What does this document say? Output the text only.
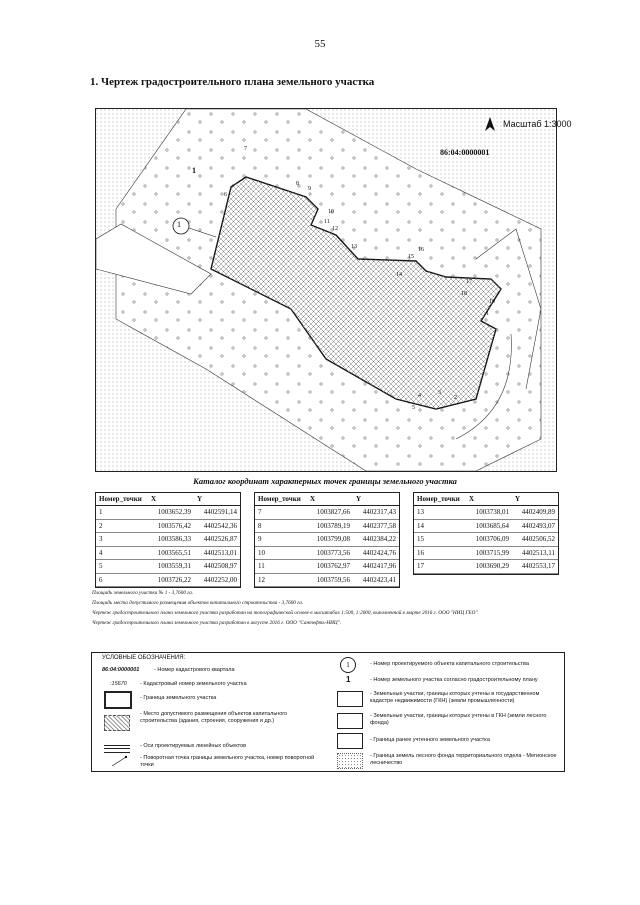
55
1. Чертеж градостроительного плана земельного участка
1
1
1
2
3
4
5
6
7
8
9
10
11
12
13
14
15
16
17
18
19
Масштаб 1:3000
86:04:0000001
Каталог координат характерных точек границы земельного участка
Номер_точки	X	Y
1	1003652,39	4402591,14
2	1003576,42	4402542,36
3	1003586,33	4402526,87
4	1003565,51	4402513,01
5	1003559,31	4402508,97
6	1003726,22	4402252,00
Номер_точки	X	Y
7	1003827,66	4402317,43
8	1003789,19	4402377,58
9	1003799,08	4402384,22
10	1003773,56	4402424,76
11	1003762,97	4402417,96
12	1003759,56	4402423,41
Номер_точки	X	Y
13	1003738,01	4402409,89
14	1003685,64	4402493,07
15	1003706,09	4402506,52
16	1003715,99	4402513,11
17	1003690,29	4402553,17
Площадь земельного участка № 1 - 3,7600 га.
Площадь места допустимого размещения объектов капитального строительства - 3,7600 га.
Чертеж градостроительного плана земельного участка разработан на топографической основе в масштабах 1:500, 1:2000, выполненной в марте 2016 г. ООО "НИЦ ГЕО".
Чертеж градостроительного плана земельного участка разработан в августе 2016 г. ООО "Сантефть-НИЦ".
УСЛОВНЫЕ ОБОЗНАЧЕНИЯ:
86:04:0000001	- Номер кадастрового квартала
:15670 - Кадастровый номер земельного участка
- Граница земельного участка
- Место допустимого размещения объектов капитального строительства (здания, строения, сооружения и др.)
- Оси проектируемых линейных объектов
- Поворотная точка границы земельного участка, номер поворотной точки
1	- Номер проектируемого объекта капитального строительства
1	- Номер земельного участка согласно градостроительному плану
- Земельные участки, границы которых учтены в государственном кадастре недвижимости (ГКН) (земли промышленности)
- Земельные участки, границы которых учтены в ГКН (земли лесного фонда)
- Граница ранее учтенного земельного участка
- Граница земель лесного фонда территориального отдела - Мегионское лесничество
